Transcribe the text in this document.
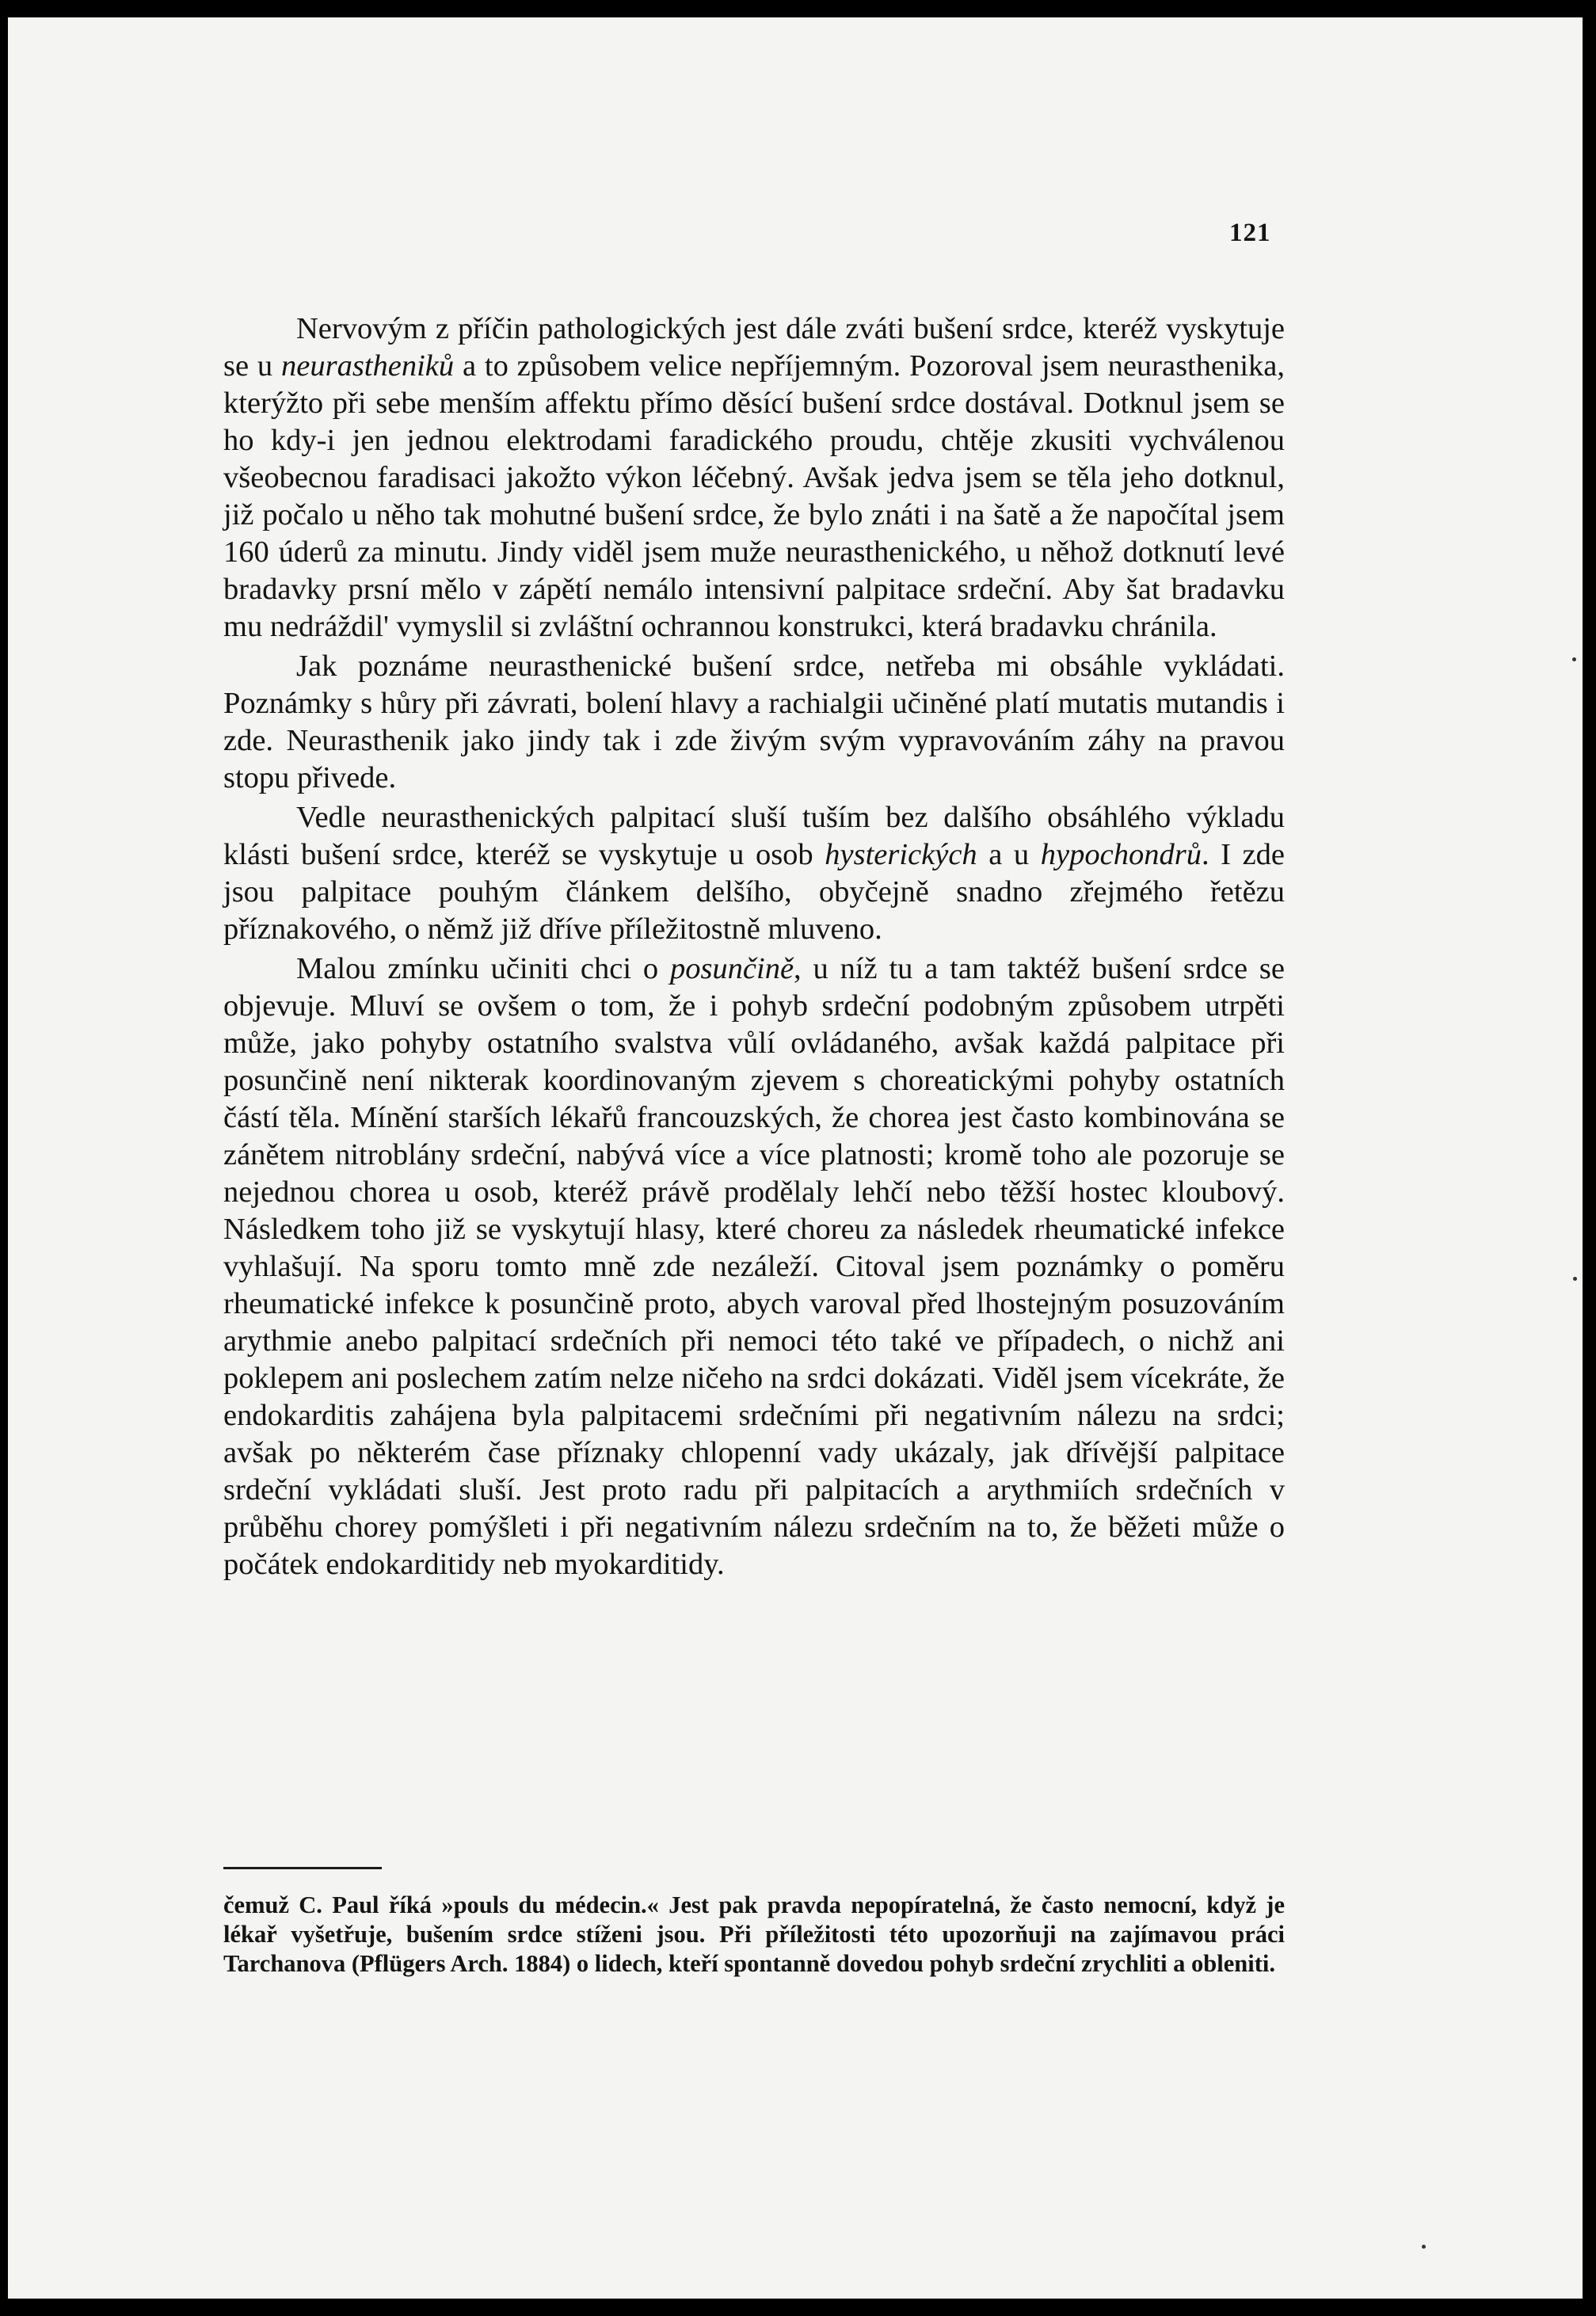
121

Nervovým z příčin pathologických jest dále zváti bušení srdce, kteréž vyskytuje se u neurastheniků a to způsobem velice nepříjemným. Pozoroval jsem neurasthenika, kterýžto při sebe menším affektu přímo děsící bušení srdce dostával. Dotknul jsem se ho kdy-i jen jednou elektrodami faradického proudu, chtěje zkusiti vychválenou všeobecnou faradisaci jakožto výkon léčebný. Avšak jedva jsem se těla jeho dotknul, již počalo u něho tak mohutné bušení srdce, že bylo znáti i na šatě a že napočítal jsem 160 úderů za minutu. Jindy viděl jsem muže neurasthenického, u něhož dotknutí levé bradavky prsní mělo v zápětí nemálo intensivní palpitace srdeční. Aby šat bradavku mu nedráždil' vymyslil si zvláštní ochrannou konstrukci, která bradavku chránila.

Jak poznáme neurasthenické bušení srdce, netřeba mi obsáhle vykládati. Poznámky s hůry při závrati, bolení hlavy a rachialgii učiněné platí mutatis mutandis i zde. Neurasthenik jako jindy tak i zde živým svým vypravováním záhy na pravou stopu přivede.

Vedle neurasthenických palpitací sluší tuším bez dalšího obsáhlého výkladu klásti bušení srdce, kteréž se vyskytuje u osob hysterických a u hypochondrů. I zde jsou palpitace pouhým článkem delšího, obyčejně snadno zřejmého řetězu příznakového, o němž již dříve příležitostně mluveno.

Malou zmínku učiniti chci o posunčině, u níž tu a tam taktéž bušení srdce se objevuje. Mluví se ovšem o tom, že i pohyb srdeční podobným způsobem utrpěti může, jako pohyby ostatního svalstva vůlí ovládaného, avšak každá palpitace při posunčině není nikterak koordinovaným zjevem s choreatickými pohyby ostatních částí těla. Mínění starších lékařů francouzských, že chorea jest často kombinována se zánětem nitroblány srdeční, nabývá více a více platnosti; kromě toho ale pozoruje se nejednou chorea u osob, kteréž právě prodělaly lehčí nebo těžší hostec kloubový. Následkem toho již se vyskytují hlasy, které choreu za následek rheumatické infekce vyhlašují. Na sporu tomto mně zde nezáleží. Citoval jsem poznámky o poměru rheumatické infekce k posunčině proto, abych varoval před lhostejným posuzováním arythmie anebo palpitací srdečních při nemoci této také ve případech, o nichž ani poklepem ani poslechem zatím nelze ničeho na srdci dokázati. Viděl jsem vícekráte, že endokarditis zahájena byla palpitacemi srdečními při negativním nálezu na srdci; avšak po některém čase příznaky chlopenní vady ukázaly, jak dřívější palpitace srdeční vykládati sluší. Jest proto radu při palpitacích a arythmiích srdečních v průběhu chorey pomýšleti i při negativním nálezu srdečním na to, že běžeti může o počátek endokarditidy neb myokarditidy.

čemuž C. Paul říká »pouls du médecin.« Jest pak pravda nepopíratelná, že často nemocní, když je lékař vyšetřuje, bušením srdce stíženi jsou. Při příležitosti této upozorňuji na zajímavou práci Tarchanova (Pflügers Arch. 1884) o lidech, kteří spontanně dovedou pohyb srdeční zrychliti a obleniti.
